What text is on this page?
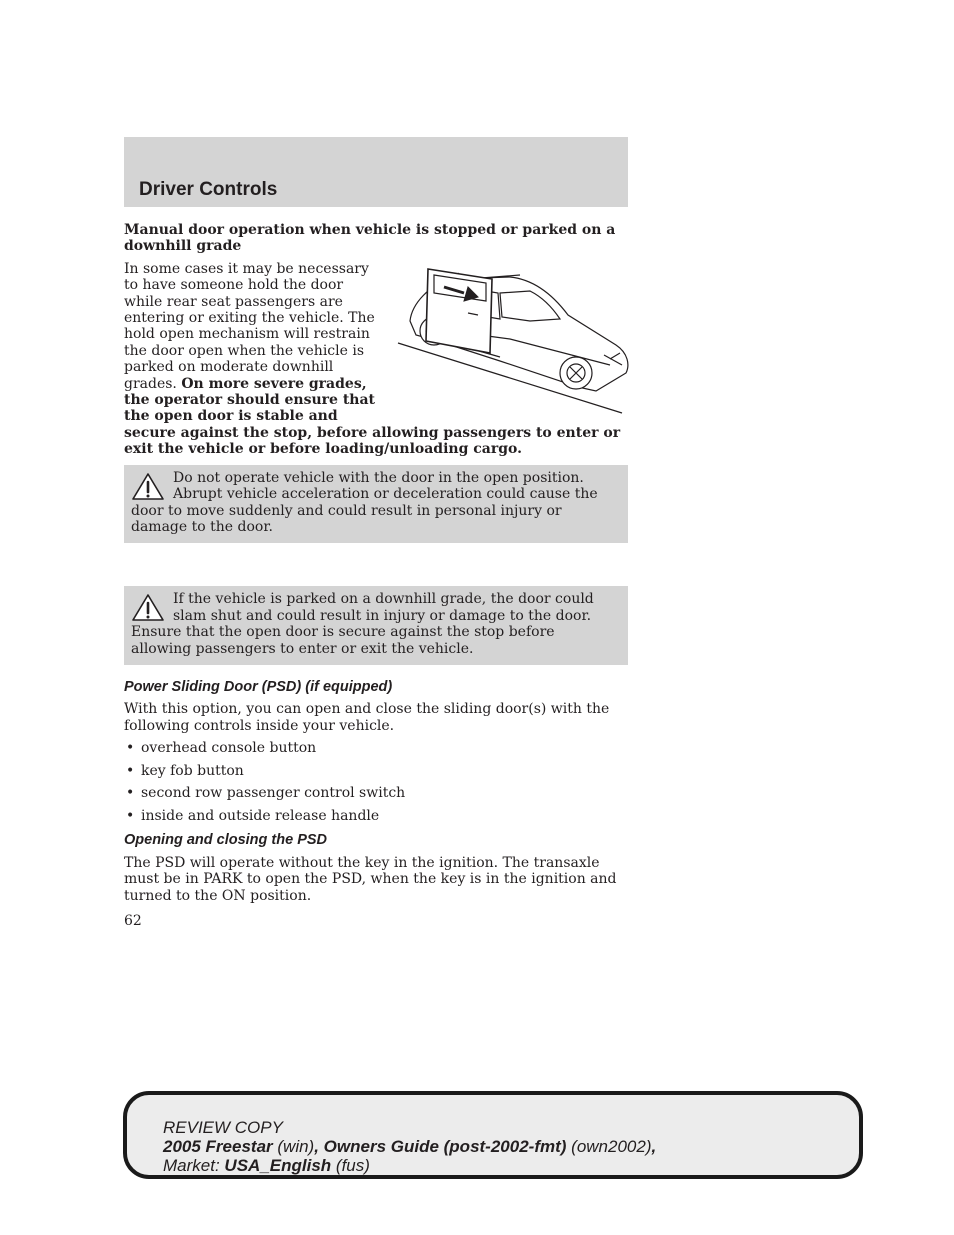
Driver Controls

Manual door operation when vehicle is stopped or parked on a downhill grade

In some cases it may be necessary to have someone hold the door while rear seat passengers are entering or exiting the vehicle. The hold open mechanism will restrain the door open when the vehicle is parked on moderate downhill grades. On more severe grades, the operator should ensure that the open door is stable and secure against the stop, before allowing passengers to enter or exit the vehicle or before loading/unloading cargo.

Do not operate vehicle with the door in the open position. Abrupt vehicle acceleration or deceleration could cause the door to move suddenly and could result in personal injury or damage to the door.
If the vehicle is parked on a downhill grade, the door could slam shut and could result in injury or damage to the door. Ensure that the open door is secure against the stop before allowing passengers to enter or exit the vehicle.

Power Sliding Door (PSD) (if equipped)

With this option, you can open and close the sliding door(s) with the following controls inside your vehicle.

• overhead console button
• key fob button
• second row passenger control switch
• inside and outside release handle

Opening and closing the PSD

The PSD will operate without the key in the ignition. The transaxle must be in PARK to open the PSD, when the key is in the ignition and turned to the ON position.

62

REVIEW COPY
2005 Freestar (win), Owners Guide (post-2002-fmt) (own2002),
Market: USA_English (fus)
